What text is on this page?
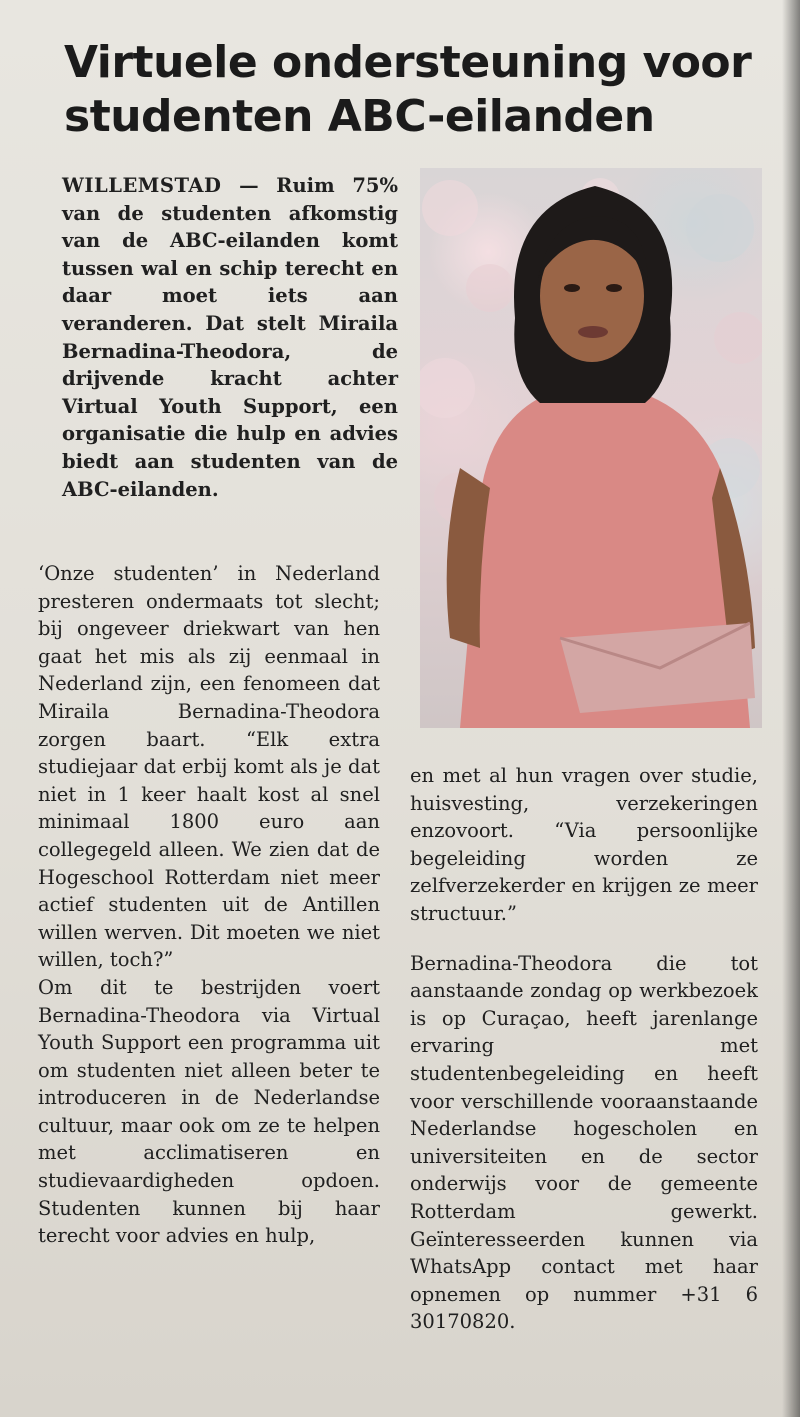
Virtuele ondersteuning voor studenten ABC-eilanden

WILLEMSTAD — Ruim 75% van de studenten afkomstig van de ABC-eilanden komt tussen wal en schip terecht en daar moet iets aan veranderen. Dat stelt Miraila Bernadina-Theodora, de drijvende kracht achter Virtual Youth Support, een organisatie die hulp en advies biedt aan studenten van de ABC-eilanden.

‘Onze studenten’ in Nederland presteren ondermaats tot slecht; bij ongeveer driekwart van hen gaat het mis als zij eenmaal in Nederland zijn, een fenomeen dat Miraila Bernadina-Theodora zorgen baart. “Elk extra studiejaar dat erbij komt als je dat niet in 1 keer haalt kost al snel minimaal 1800 euro aan collegegeld alleen. We zien dat de Hogeschool Rotterdam niet meer actief studenten uit de Antillen willen werven. Dit moeten we niet willen, toch?”

Om dit te bestrijden voert Bernadina-Theodora via Virtual Youth Support een programma uit om studenten niet alleen beter te introduceren in de Nederlandse cultuur, maar ook om ze te helpen met acclimatiseren en studievaardigheden opdoen. Studenten kunnen bij haar terecht voor advies en hulp,

en met al hun vragen over studie, huisvesting, verzekeringen enzovoort. “Via persoonlijke begeleiding worden ze zelfverzekerder en krijgen ze meer structuur.”

Bernadina-Theodora die tot aanstaande zondag op werkbezoek is op Curaçao, heeft jarenlange ervaring met studentenbegeleiding en heeft voor verschillende vooraanstaande Nederlandse hogescholen en universiteiten en de sector onderwijs voor de gemeente Rotterdam gewerkt. Geïnteresseerden kunnen via WhatsApp contact met haar opnemen op nummer +31 6 30170820.
